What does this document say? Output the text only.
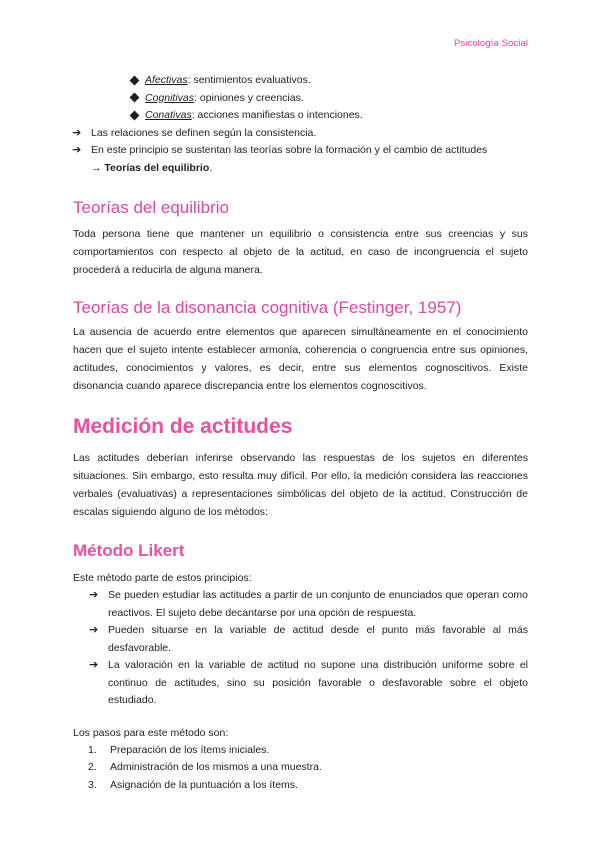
Psicología Social
Afectivas: sentimientos evaluativos.
Cognitivas: opiniones y creencias.
Conativas: acciones manifiestas o intenciones.
➔ Las relaciones se definen según la consistencia.
➔ En este principio se sustentan las teorías sobre la formación y el cambio de actitudes
→ Teorías del equilibrio.
Teorías del equilibrio

Toda persona tiene que mantener un equilibrio o consistencia entre sus creencias y sus comportamientos con respecto al objeto de la actitud, en caso de incongruencia el sujeto procederá a reducirla de alguna manera.

Teorías de la disonancia cognitiva (Festinger, 1957)

La ausencia de acuerdo entre elementos que aparecen simultáneamente en el conocimiento hacen que el sujeto intente establecer armonía, coherencia o congruencia entre sus opiniones, actitudes, conocimientos y valores, es decir, entre sus elementos cognoscitivos. Existe disonancia cuando aparece discrepancia entre los elementos cognoscitivos.

Medición de actitudes

Las actitudes deberían inferirse observando las respuestas de los sujetos en diferentes situaciones. Sin embargo, esto resulta muy difícil. Por ello, la medición considera las reacciones verbales (evaluativas) a representaciones simbólicas del objeto de la actitud. Construcción de escalas siguiendo alguno de los métodos:

Método Likert

Este método parte de estos principios:

➔ Se pueden estudiar las actitudes a partir de un conjunto de enunciados que operan como reactivos. El sujeto debe decantarse por una opción de respuesta.
➔ Pueden situarse en la variable de actitud desde el punto más favorable al más desfavorable.
➔ La valoración en la variable de actitud no supone una distribución uniforme sobre el continuo de actitudes, sino su posición favorable o desfavorable sobre el objeto estudiado.

Los pasos para este método son:

1. Preparación de los ítems iniciales.
2. Administración de los mismos a una muestra.
3. Asignación de la puntuación a los ítems.
